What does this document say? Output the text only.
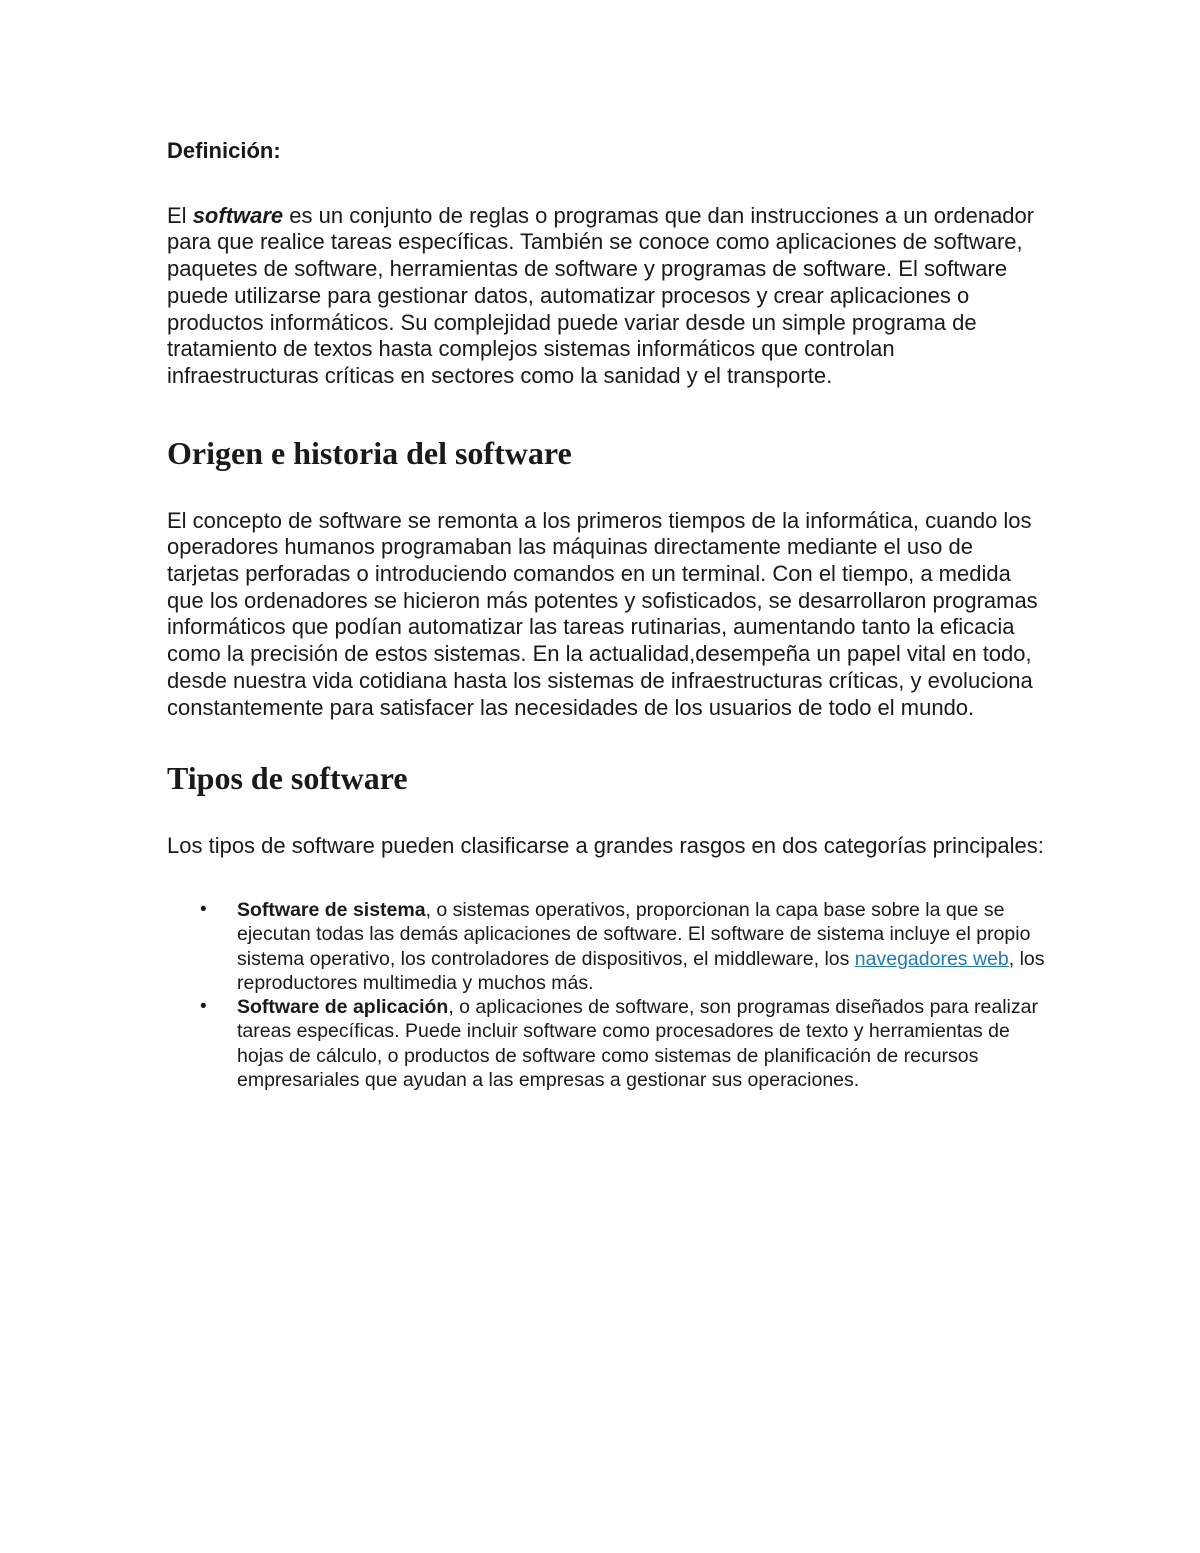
Definición:

El software es un conjunto de reglas o programas que dan instrucciones a un ordenador para que realice tareas específicas. También se conoce como aplicaciones de software, paquetes de software, herramientas de software y programas de software. El software puede utilizarse para gestionar datos, automatizar procesos y crear aplicaciones o productos informáticos. Su complejidad puede variar desde un simple programa de tratamiento de textos hasta complejos sistemas informáticos que controlan infraestructuras críticas en sectores como la sanidad y el transporte.

Origen e historia del software

El concepto de software se remonta a los primeros tiempos de la informática, cuando los operadores humanos programaban las máquinas directamente mediante el uso de tarjetas perforadas o introduciendo comandos en un terminal. Con el tiempo, a medida que los ordenadores se hicieron más potentes y sofisticados, se desarrollaron programas informáticos que podían automatizar las tareas rutinarias, aumentando tanto la eficacia como la precisión de estos sistemas. En la actualidad,desempeña un papel vital en todo, desde nuestra vida cotidiana hasta los sistemas de infraestructuras críticas, y evoluciona constantemente para satisfacer las necesidades de los usuarios de todo el mundo.

Tipos de software

Los tipos de software pueden clasificarse a grandes rasgos en dos categorías principales:

• Software de sistema, o sistemas operativos, proporcionan la capa base sobre la que se ejecutan todas las demás aplicaciones de software. El software de sistema incluye el propio sistema operativo, los controladores de dispositivos, el middleware, los navegadores web, los reproductores multimedia y muchos más.
• Software de aplicación, o aplicaciones de software, son programas diseñados para realizar tareas específicas. Puede incluir software como procesadores de texto y herramientas de hojas de cálculo, o productos de software como sistemas de planificación de recursos empresariales que ayudan a las empresas a gestionar sus operaciones.
